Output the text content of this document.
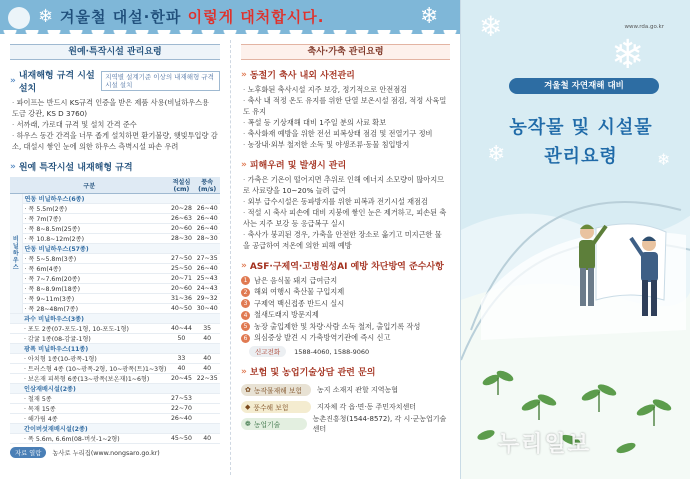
❄	❄
겨울철 대설·한파 이렇게 대처합시다.
원예·특작시설 관리요령
» 내재해형 규격 시설 설치
지역별 설계기준 이상의 내재해형 규격 시설 설치
· 파이프는 반드시 KS규격 인증을 받은 제품 사용(비닐하우스용 도금 강관, KS D 3760)
· 서까래, 가로대 규격 및 설치 간격 준수
· 하우스 동간 간격을 너무 좁게 설치하면 환기불량, 햇빛투입량 감소, 대설시 쌓인 눈에 의한 하우스 측벽시설 파손 우려
» 원예 특작시설 내재해형 규격
구분		적설심 (cm)	풍속 (m/s)
비닐하우스	연동 비닐하우스(6종)		
	· 폭 5.5m(2종)	20~28	26~40
	· 폭 7m(7종)	26~63	26~40
	· 폭 8~8.5m(25종)	20~60	26~40
	· 폭 10.8~12m(2종)	28~30	28~30
	단동 비닐하우스(57종)		
	· 폭 5~5.8m(3종)	27~50	27~35
	· 폭 6m(4종)	25~50	26~40
	· 폭 7~7.6m(20종)	20~71	25~43
	· 폭 8~8.9m(18종)	20~60	24~43
	· 폭 9~11m(3종)	31~36	29~32
	· 폭 28~48m(7종)	40~50	30~40
	과수 비닐하우스(3종)		
	· 포도 2종(07-포도-1형, 10-포도-1형)	40~44	35
	· 감귤 1종(08-감귤-1형)	50	40
	광폭 비닐하우스(11종)		
	· 아치형 1종(10-광폭-1형)	33	40
	· 트러스형 4종 (10~광폭-2형, 10~광폭(트)1~3형)	40	40
	· 보온재 피복형 6종(13~광폭(보온재)1~6형)	20~45	22~35
	인삼재배시설(2종)		
	· 철재 5종	27~53	
	· 목재 15종	22~70	
	· 해가림 4종	26~40	
	간이버섯재배시설(2종)		
	· 폭 5.6m, 6.6m(08-버섯-1~2형)	45~50	40
자료 열람	농사로 누리집(www.nongsaro.go.kr)
축사·가축 관리요령
» 동절기 축사 내외 사전관리
· 노후화된 축사시설 지주 보강, 정기적으로 안전점검
· 축사 내 적정 온도 유지를 위한 단열 보온시설 점검, 적정 사육밀도 유지
· 폭설 등 기상재해 대비 1주일 분의 사료 확보
· 축사화재 예방을 위한 전선 피복상태 점검 및 전열기구 정비
· 농장내·외부 철저한 소독 및 야생조류·동물 침입방지
» 피해우려 및 발생시 관리
· 가축은 기온이 떨어지면 추위로 인해 에너지 소모량이 많아지므로 사료량을 10~20% 늘려 급여
· 외부 급수시설은 동파방지를 위한 피복과 전기시설 재점검
· 적설 시 축사 피손에 대비 지붕에 쌓인 눈은 제거하고, 피손된 축사는 지주 보강 등 응급복구 실시
· 축사가 붕괴된 경우, 가축을 안전한 장소로 옮기고 미지근한 물을 공급하여 저온에 의한 피해 예방
» ASF·구제역·고병원성AI 예방 차단방역 준수사항
1 남은 음식물 돼지 급여금지
2 해외 여행시 축산물 구입지제
3 구제역 백신접종 반드시 실시
4 철새도래지 방문지제
5 농장 출입제한 및 차량·사람 소독 철저, 출입기록 작성
6 의심증상 발견 시 가축방역기관에 즉시 신고
신고전화	1588-4060, 1588-9060
» 보험 및 농업기술상담 관련 문의
✿ 농작물재해 보험 농지 소재지 관할 지역농협
◆ 풍수해 보험	지자체 각 읍·면·동 주민자치센터
❁ 농업기술
농촌진흥청(1544-8572), 각 시·군농업기술센터
❄
❄
❄	❄
www.rda.go.kr
겨울철 자연재해 대비
농작물 및 시설물
관리요령
누리일보
